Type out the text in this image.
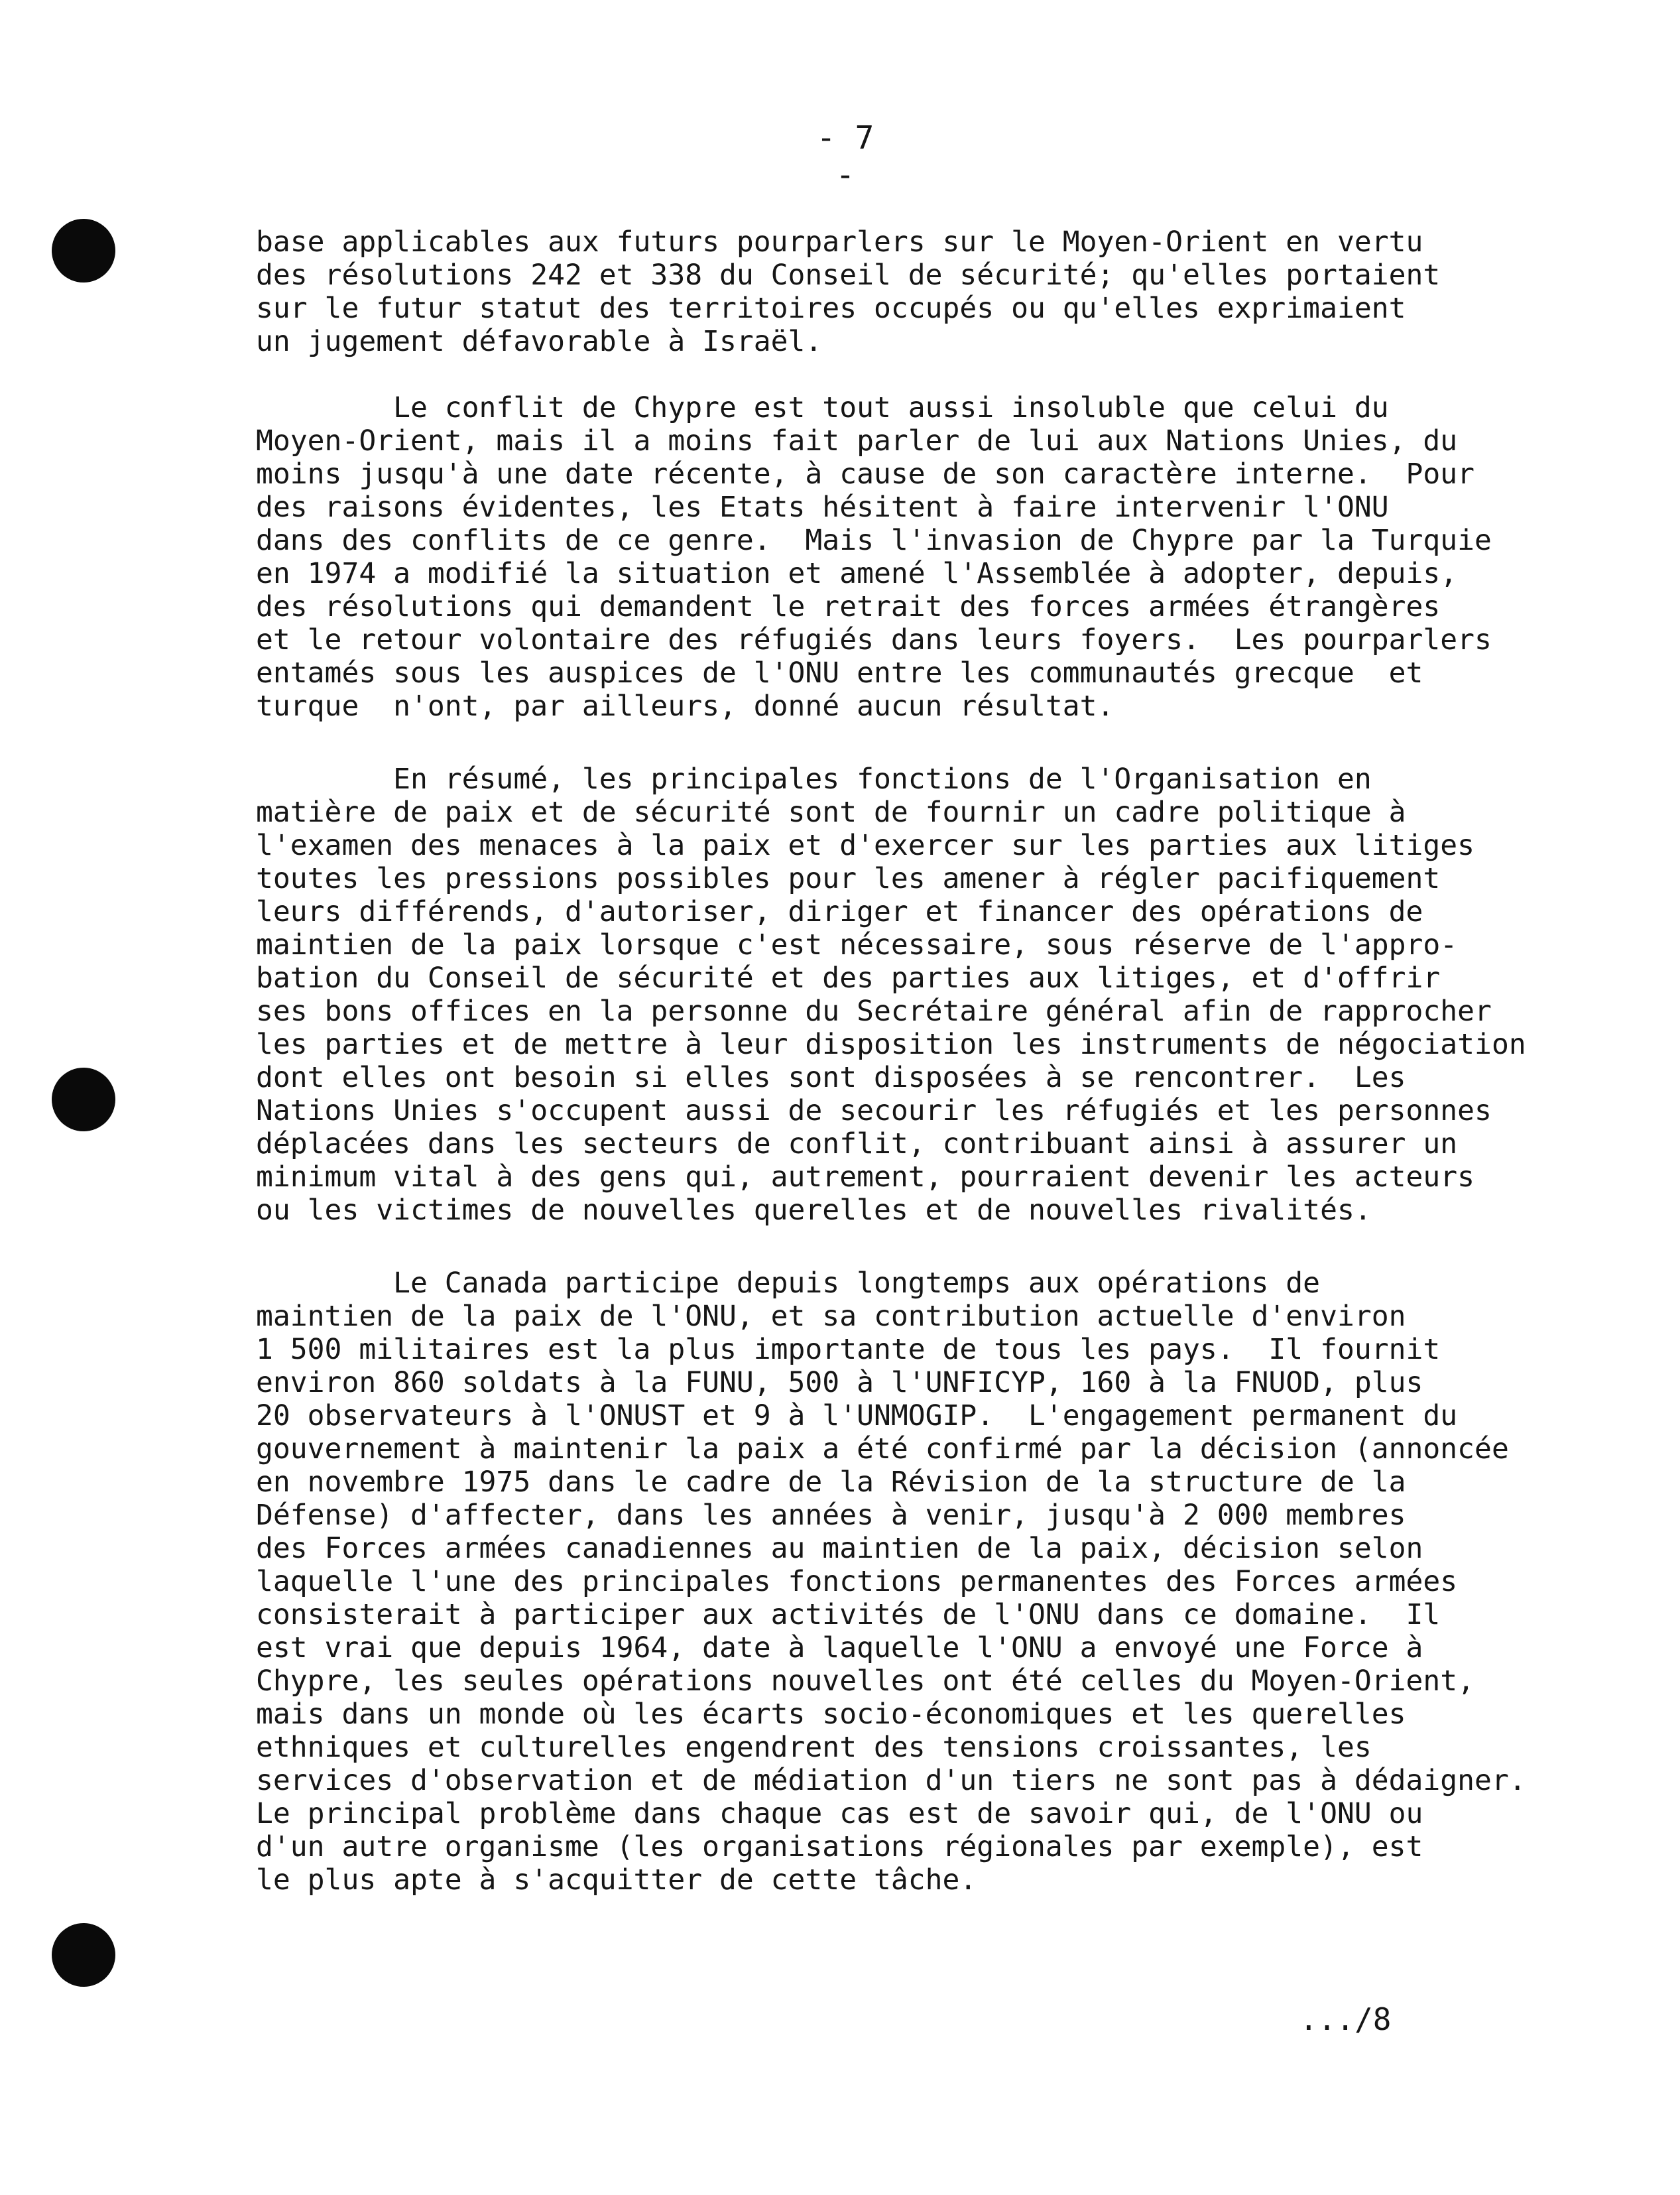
- 7 -
base applicables aux futurs pourparlers sur le Moyen-Orient en vertu
des résolutions 242 et 338 du Conseil de sécurité; qu'elles portaient
sur le futur statut des territoires occupés ou qu'elles exprimaient
un jugement défavorable à Israël.
Le conflit de Chypre est tout aussi insoluble que celui du
Moyen-Orient, mais il a moins fait parler de lui aux Nations Unies, du
moins jusqu'à une date récente, à cause de son caractère interne.  Pour
des raisons évidentes, les Etats hésitent à faire intervenir l'ONU
dans des conflits de ce genre.  Mais l'invasion de Chypre par la Turquie
en 1974 a modifié la situation et amené l'Assemblée à adopter, depuis,
des résolutions qui demandent le retrait des forces armées étrangères
et le retour volontaire des réfugiés dans leurs foyers.  Les pourparlers
entamés sous les auspices de l'ONU entre les communautés grecque  et
turque  n'ont, par ailleurs, donné aucun résultat.
En résumé, les principales fonctions de l'Organisation en
matière de paix et de sécurité sont de fournir un cadre politique à
l'examen des menaces à la paix et d'exercer sur les parties aux litiges
toutes les pressions possibles pour les amener à régler pacifiquement
leurs différends, d'autoriser, diriger et financer des opérations de
maintien de la paix lorsque c'est nécessaire, sous réserve de l'appro-
bation du Conseil de sécurité et des parties aux litiges, et d'offrir
ses bons offices en la personne du Secrétaire général afin de rapprocher
les parties et de mettre à leur disposition les instruments de négociation
dont elles ont besoin si elles sont disposées à se rencontrer.  Les
Nations Unies s'occupent aussi de secourir les réfugiés et les personnes
déplacées dans les secteurs de conflit, contribuant ainsi à assurer un
minimum vital à des gens qui, autrement, pourraient devenir les acteurs
ou les victimes de nouvelles querelles et de nouvelles rivalités.
Le Canada participe depuis longtemps aux opérations de
maintien de la paix de l'ONU, et sa contribution actuelle d'environ
1 500 militaires est la plus importante de tous les pays.  Il fournit
environ 860 soldats à la FUNU, 500 à l'UNFICYP, 160 à la FNUOD, plus
20 observateurs à l'ONUST et 9 à l'UNMOGIP.  L'engagement permanent du
gouvernement à maintenir la paix a été confirmé par la décision (annoncée
en novembre 1975 dans le cadre de la Révision de la structure de la
Défense) d'affecter, dans les années à venir, jusqu'à 2 000 membres
des Forces armées canadiennes au maintien de la paix, décision selon
laquelle l'une des principales fonctions permanentes des Forces armées
consisterait à participer aux activités de l'ONU dans ce domaine.  Il
est vrai que depuis 1964, date à laquelle l'ONU a envoyé une Force à
Chypre, les seules opérations nouvelles ont été celles du Moyen-Orient,
mais dans un monde où les écarts socio-économiques et les querelles
ethniques et culturelles engendrent des tensions croissantes, les
services d'observation et de médiation d'un tiers ne sont pas à dédaigner.
Le principal problème dans chaque cas est de savoir qui, de l'ONU ou
d'un autre organisme (les organisations régionales par exemple), est
le plus apte à s'acquitter de cette tâche.
.../8
